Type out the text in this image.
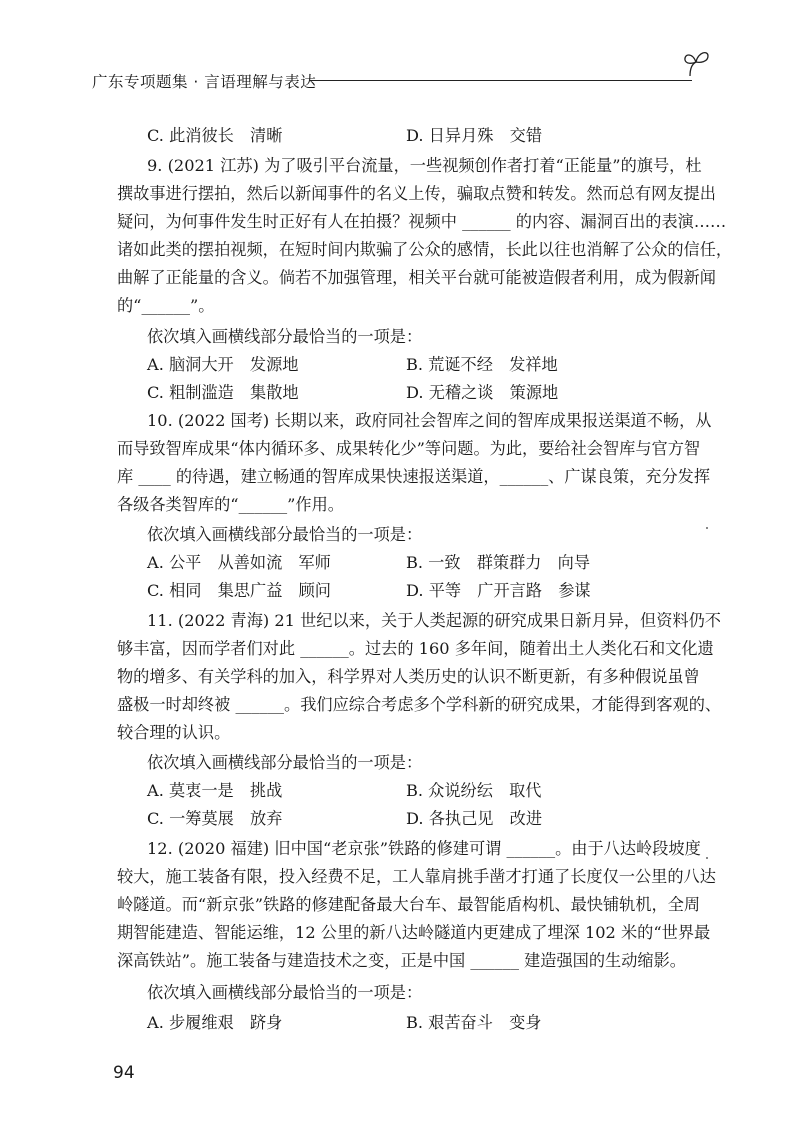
广东专项题集 · 言语理解与表达
C. 此消彼长　清晰	D. 日异月殊　交错
9. (2021 江苏) 为了吸引平台流量，一些视频创作者打着“正能量”的旗号，杜
撰故事进行摆拍，然后以新闻事件的名义上传，骗取点赞和转发。然而总有网友提出
疑问，为何事件发生时正好有人在拍摄？视频中 ______ 的内容、漏洞百出的表演……
诸如此类的摆拍视频，在短时间内欺骗了公众的感情，长此以往也消解了公众的信任，
曲解了正能量的含义。倘若不加强管理，相关平台就可能被造假者利用，成为假新闻
的“______”。
依次填入画横线部分最恰当的一项是：
A. 脑洞大开　发源地	B. 荒诞不经　发祥地
C. 粗制滥造　集散地	D. 无稽之谈　策源地
10. (2022 国考) 长期以来，政府同社会智库之间的智库成果报送渠道不畅，从
而导致智库成果“体内循环多、成果转化少”等问题。为此，要给社会智库与官方智
库 ____ 的待遇，建立畅通的智库成果快速报送渠道，______、广谋良策，充分发挥
各级各类智库的“______”作用。
依次填入画横线部分最恰当的一项是：
A. 公平　从善如流　军师	B. 一致　群策群力　向导
C. 相同　集思广益　顾问	D. 平等　广开言路　参谋
11. (2022 青海) 21 世纪以来，关于人类起源的研究成果日新月异，但资料仍不
够丰富，因而学者们对此 ______。过去的 160 多年间，随着出土人类化石和文化遗
物的增多、有关学科的加入，科学界对人类历史的认识不断更新，有多种假说虽曾
盛极一时却终被 ______。我们应综合考虑多个学科新的研究成果，才能得到客观的、
较合理的认识。
依次填入画横线部分最恰当的一项是：
A. 莫衷一是　挑战	B. 众说纷纭　取代
C. 一筹莫展　放弃	D. 各执己见　改进
12. (2020 福建) 旧中国“老京张”铁路的修建可谓 ______。由于八达岭段坡度
较大，施工装备有限，投入经费不足，工人靠肩挑手凿才打通了长度仅一公里的八达
岭隧道。而“新京张”铁路的修建配备最大台车、最智能盾构机、最快铺轨机，全周
期智能建造、智能运维，12 公里的新八达岭隧道内更建成了埋深 102 米的“世界最
深高铁站”。施工装备与建造技术之变，正是中国 ______ 建造强国的生动缩影。
依次填入画横线部分最恰当的一项是：
A. 步履维艰　跻身	B. 艰苦奋斗　变身
94
